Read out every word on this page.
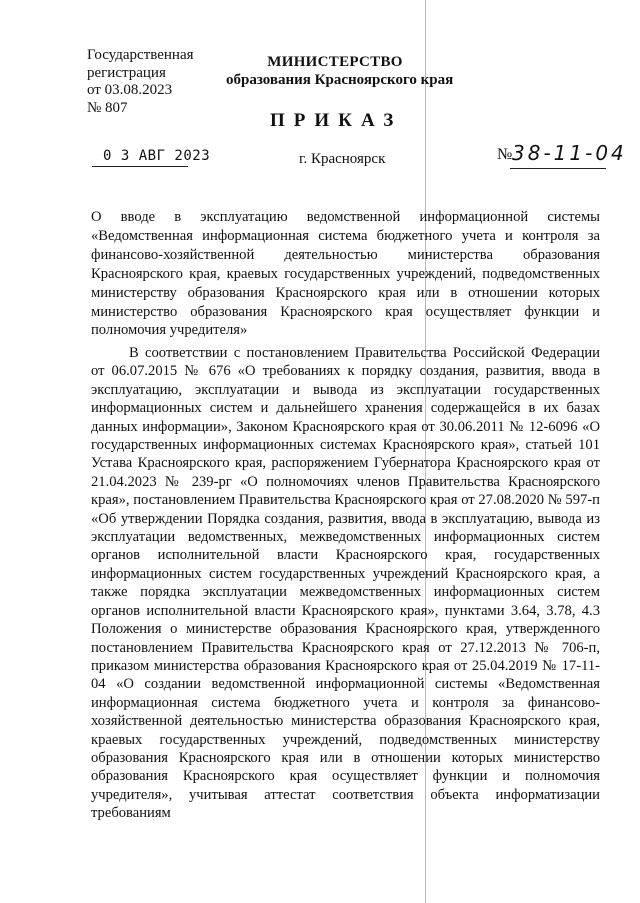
Государственная
регистрация
от 03.08.2023
№ 807
МИНИСТЕРСТВО
образования Красноярского края
ПРИКАЗ
0 3 АВГ 2023	г. Красноярск	№ 38-11-04
О вводе в эксплуатацию ведомственной информационной системы «Ведомственная информационная система бюджетного учета и контроля за финансово-хозяйственной деятельностью министерства образования Красноярского края, краевых государственных учреждений, подведомственных министерству образования Красноярского края или в отношении которых министерство образования Красноярского края осуществляет функции и полномочия учредителя»
В соответствии с постановлением Правительства Российской Федерации от 06.07.2015 № 676 «О требованиях к порядку создания, развития, ввода в эксплуатацию, эксплуатации и вывода из эксплуатации государственных информационных систем и дальнейшего хранения содержащейся в их базах данных информации», Законом Красноярского края от 30.06.2011 № 12-6096 «О государственных информационных системах Красноярского края», статьей 101 Устава Красноярского края, распоряжением Губернатора Красноярского края от 21.04.2023 № 239-рг «О полномочиях членов Правительства Красноярского края», постановлением Правительства Красноярского края от 27.08.2020 № 597-п «Об утверждении Порядка создания, развития, ввода в эксплуатацию, вывода из эксплуатации ведомственных, межведомственных информационных систем органов исполнительной власти Красноярского края, государственных информационных систем государственных учреждений Красноярского края, а также порядка эксплуатации межведомственных информационных систем органов исполнительной власти Красноярского края», пунктами 3.64, 3.78, 4.3 Положения о министерстве образования Красноярского края, утвержденного постановлением Правительства Красноярского края от 27.12.2013 № 706-п, приказом министерства образования Красноярского края от 25.04.2019 № 17-11-04 «О создании ведомственной информационной системы «Ведомственная информационная система бюджетного учета и контроля за финансово-хозяйственной деятельностью министерства образования Красноярского края, краевых государственных учреждений, подведомственных министерству образования Красноярского края или в отношении которых министерство образования Красноярского края осуществляет функции и полномочия учредителя», учитывая аттестат соответствия объекта информатизации требованиям
